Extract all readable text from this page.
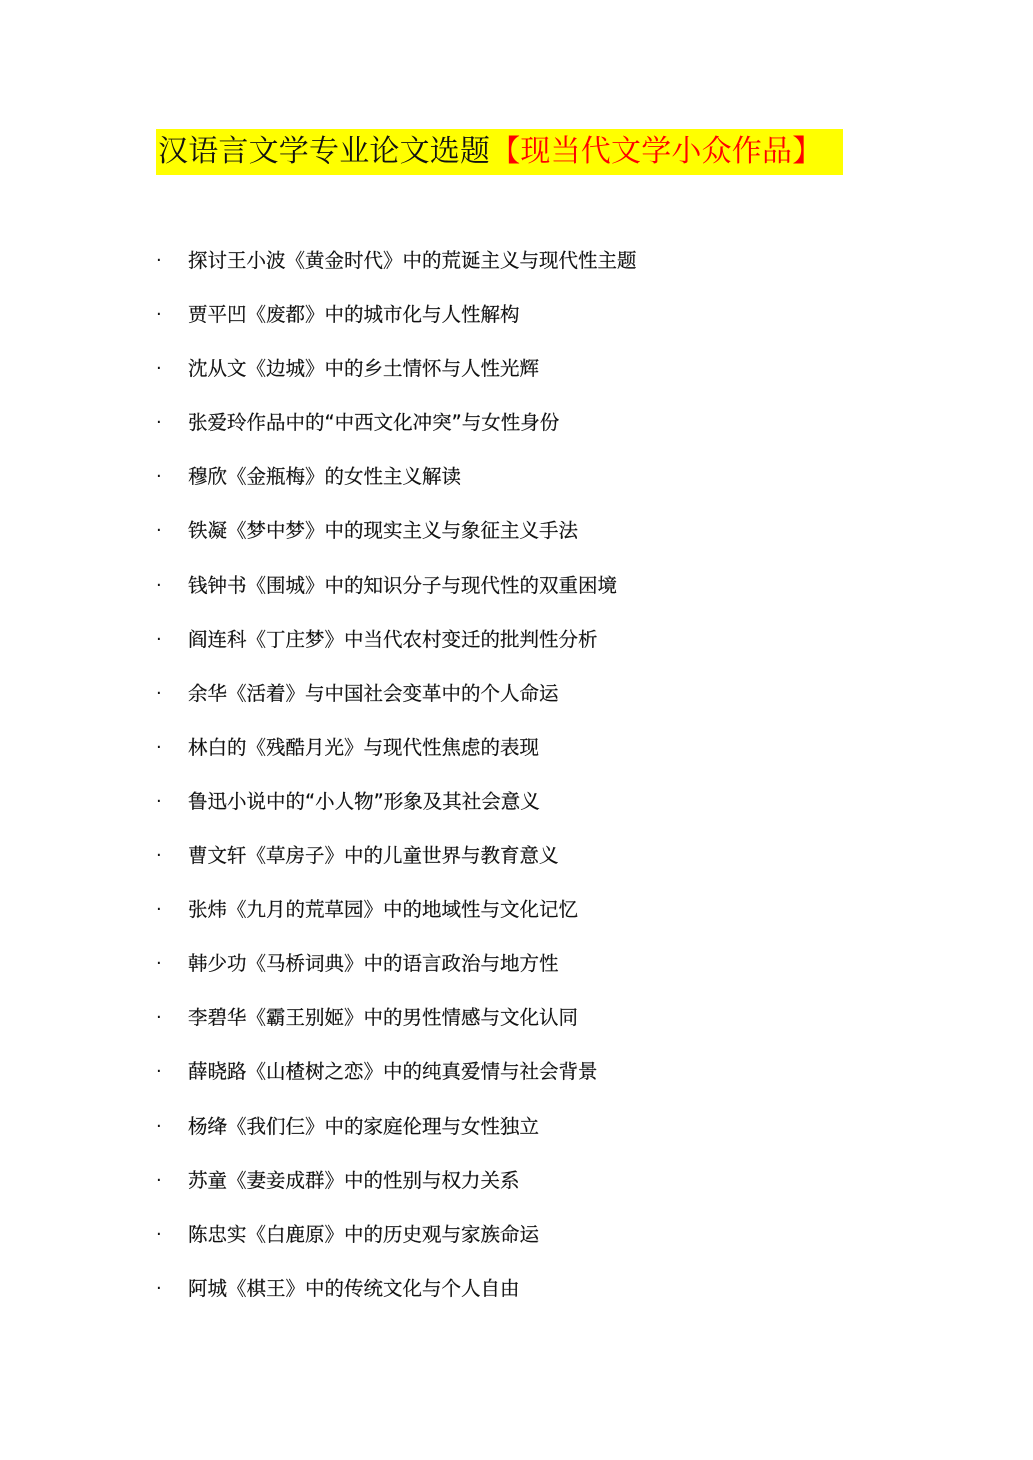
汉语言文学专业论文选题【现当代文学小众作品】
·	探讨王小波《黄金时代》中的荒诞主义与现代性主题
·	贾平凹《废都》中的城市化与人性解构
·	沈从文《边城》中的乡土情怀与人性光辉
·	张爱玲作品中的“中西文化冲突”与女性身份
·	穆欣《金瓶梅》的女性主义解读
·	铁凝《梦中梦》中的现实主义与象征主义手法
·	钱钟书《围城》中的知识分子与现代性的双重困境
·	阎连科《丁庄梦》中当代农村变迁的批判性分析
·	余华《活着》与中国社会变革中的个人命运
·	林白的《残酷月光》与现代性焦虑的表现
·	鲁迅小说中的“小人物”形象及其社会意义
·	曹文轩《草房子》中的儿童世界与教育意义
·	张炜《九月的荒草园》中的地域性与文化记忆
·	韩少功《马桥词典》中的语言政治与地方性
·	李碧华《霸王别姬》中的男性情感与文化认同
·	薛晓路《山楂树之恋》中的纯真爱情与社会背景
·	杨绛《我们仨》中的家庭伦理与女性独立
·	苏童《妻妾成群》中的性别与权力关系
·	陈忠实《白鹿原》中的历史观与家族命运
·	阿城《棋王》中的传统文化与个人自由
